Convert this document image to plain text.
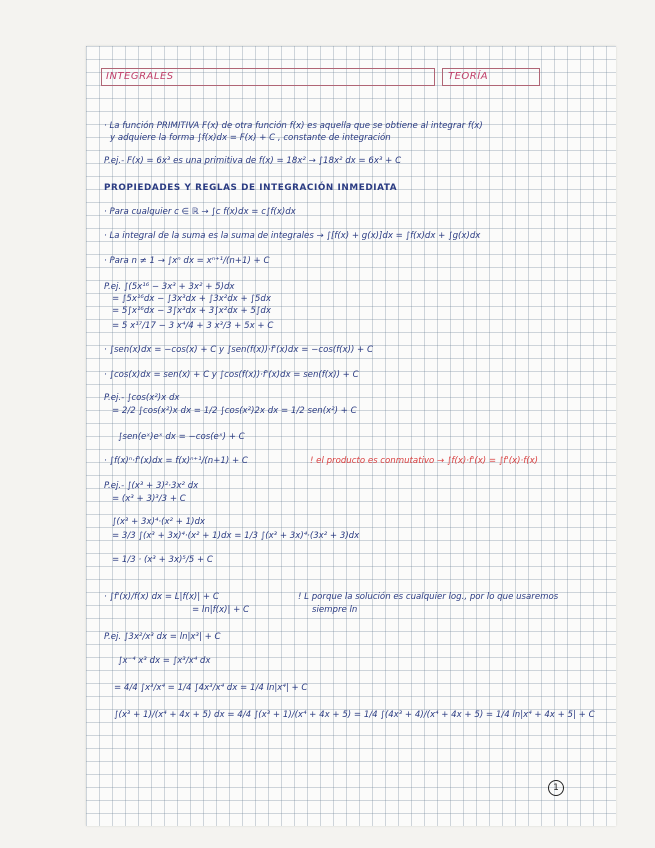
INTEGRALES	TEORÍA
· La función PRIMITIVA F(x) de otra función f(x) es aquella que se obtiene al integrar f(x)
y adquiere la forma ∫f(x)dx = F(x) + C , constante de integración
P.ej.- F(x) = 6x³ es una primitiva de f(x) = 18x² → ∫18x² dx = 6x³ + C
PROPIEDADES Y REGLAS DE INTEGRACIÓN INMEDIATA
· Para cualquier c ∈ ℝ → ∫c f(x)dx = c∫f(x)dx
· La integral de la suma es la suma de integrales → ∫[f(x) + g(x)]dx = ∫f(x)dx + ∫g(x)dx
· Para n ≠ 1 → ∫xⁿ dx = xⁿ⁺¹/(n+1) + C
P.ej. ∫(5x¹⁶ − 3x³ + 3x² + 5)dx
= ∫5x¹⁶dx − ∫3x³dx + ∫3x²dx + ∫5dx
= 5∫x¹⁶dx − 3∫x³dx + 3∫x²dx + 5∫dx
= 5 x¹⁷/17 − 3 x⁴/4 + 3 x³/3 + 5x + C
· ∫sen(x)dx = −cos(x) + C y ∫sen(f(x))·f'(x)dx = −cos(f(x)) + C
· ∫cos(x)dx = sen(x) + C y ∫cos(f(x))·f'(x)dx = sen(f(x)) + C
P.ej.- ∫cos(x²)x dx
= 2/2 ∫cos(x²)x dx = 1/2 ∫cos(x²)2x dx = 1/2 sen(x²) + C
∫sen(eˣ)eˣ dx = −cos(eˣ) + C
· ∫f(x)ⁿ·f'(x)dx = f(x)ⁿ⁺¹/(n+1) + C	! el producto es conmutativo → ∫f(x)·f'(x) = ∫f'(x)·f(x)
P.ej.- ∫(x³ + 3)²·3x² dx
= (x³ + 3)³/3 + C
∫(x³ + 3x)⁴·(x² + 1)dx
= 3/3 ∫(x³ + 3x)⁴·(x² + 1)dx = 1/3 ∫(x³ + 3x)⁴·(3x² + 3)dx
= 1/3 · (x³ + 3x)⁵/5 + C
· ∫f'(x)/f(x) dx = L|f(x)| + C
= ln|f(x)| + C
! L porque la solución es cualquier log., por lo que usaremos
siempre ln
P.ej. ∫3x²/x³ dx = ln|x³| + C
∫x⁻⁴ x³ dx = ∫x³/x⁴ dx
= 4/4 ∫x³/x⁴ = 1/4 ∫4x³/x⁴ dx = 1/4 ln|x⁴| + C
∫(x³ + 1)/(x⁴ + 4x + 5) dx = 4/4 ∫(x³ + 1)/(x⁴ + 4x + 5) = 1/4 ∫(4x³ + 4)/(x⁴ + 4x + 5) = 1/4 ln|x⁴ + 4x + 5| + C
1
